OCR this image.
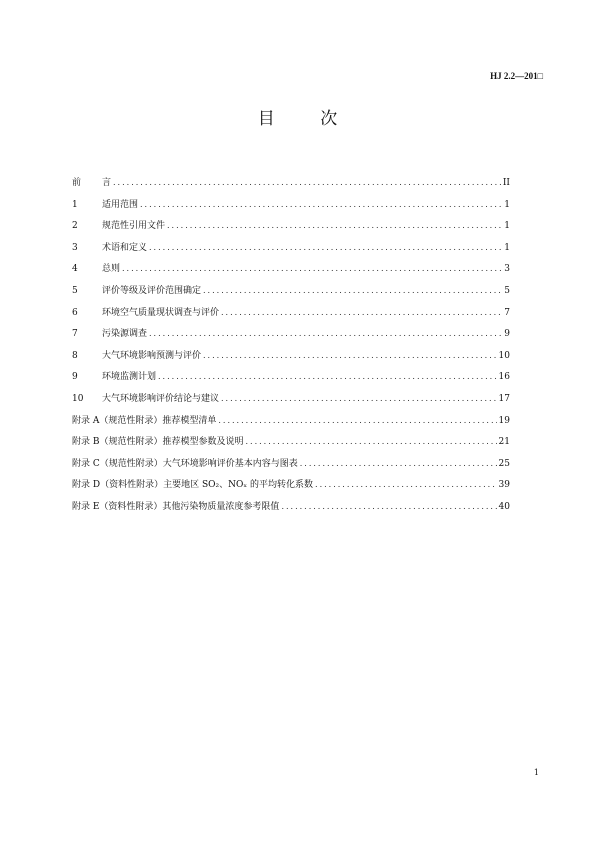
HJ 2.2—201□
目 次
前	言 .....	II
1	适用范围 .....	1
2	规范性引用文件 .....	1
3	术语和定义 .....	1
4	总则 .....	3
5	评价等级及评价范围确定 .....	5
6	环境空气质量现状调查与评价 .....	7
7	污染源调查 .....	9
8	大气环境影响预测与评价 .....	10
9	环境监测计划 .....	16
10	大气环境影响评价结论与建议 .....	17
附录 A（规范性附录）推荐模型清单 .....	19
附录 B（规范性附录）推荐模型参数及说明 .....	21
附录 C（规范性附录）大气环境影响评价基本内容与图表 .....	25
附录 D（资料性附录）主要地区 SO₂、NOₓ 的平均转化系数 .....	39
附录 E（资料性附录）其他污染物质量浓度参考限值 .....	40
1
